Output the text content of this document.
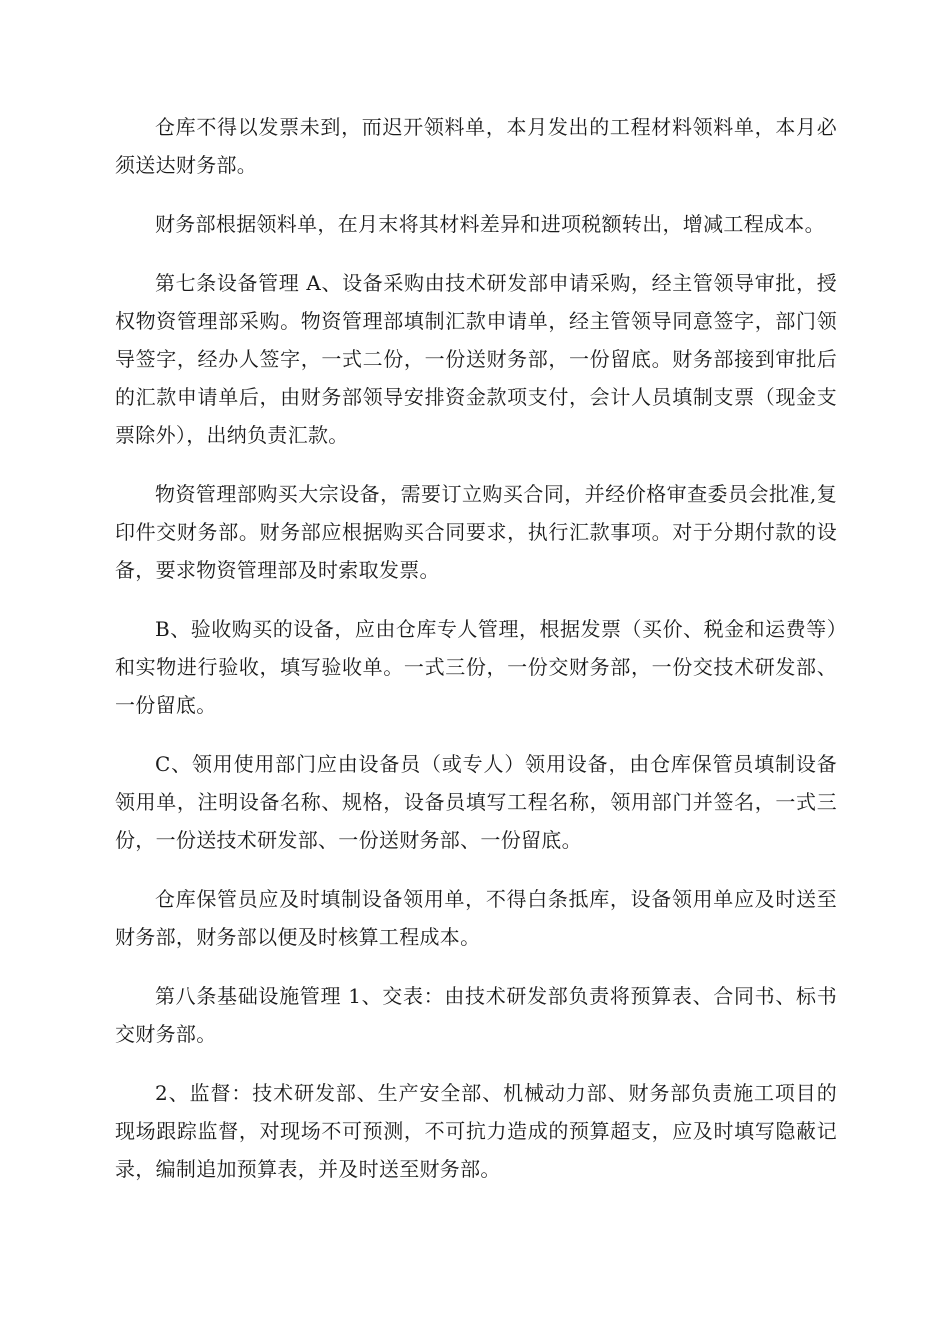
仓库不得以发票未到，而迟开领料单，本月发出的工程材料领料单，本月必须送达财务部。

财务部根据领料单，在月末将其材料差异和进项税额转出，增减工程成本。

第七条设备管理 A、设备采购由技术研发部申请采购，经主管领导审批，授权物资管理部采购。物资管理部填制汇款申请单，经主管领导同意签字，部门领导签字，经办人签字，一式二份，一份送财务部，一份留底。财务部接到审批后的汇款申请单后，由财务部领导安排资金款项支付，会计人员填制支票（现金支票除外），出纳负责汇款。

物资管理部购买大宗设备，需要订立购买合同，并经价格审查委员会批准,复印件交财务部。财务部应根据购买合同要求，执行汇款事项。对于分期付款的设备，要求物资管理部及时索取发票。

B、验收购买的设备，应由仓库专人管理，根据发票（买价、税金和运费等）和实物进行验收，填写验收单。一式三份，一份交财务部，一份交技术研发部、一份留底。

C、领用使用部门应由设备员（或专人）领用设备，由仓库保管员填制设备领用单，注明设备名称、规格，设备员填写工程名称，领用部门并签名，一式三份，一份送技术研发部、一份送财务部、一份留底。

仓库保管员应及时填制设备领用单，不得白条抵库，设备领用单应及时送至财务部，财务部以便及时核算工程成本。

第八条基础设施管理 1、交表：由技术研发部负责将预算表、合同书、标书交财务部。

2、监督：技术研发部、生产安全部、机械动力部、财务部负责施工项目的现场跟踪监督，对现场不可预测，不可抗力造成的预算超支，应及时填写隐蔽记录，编制追加预算表，并及时送至财务部。
